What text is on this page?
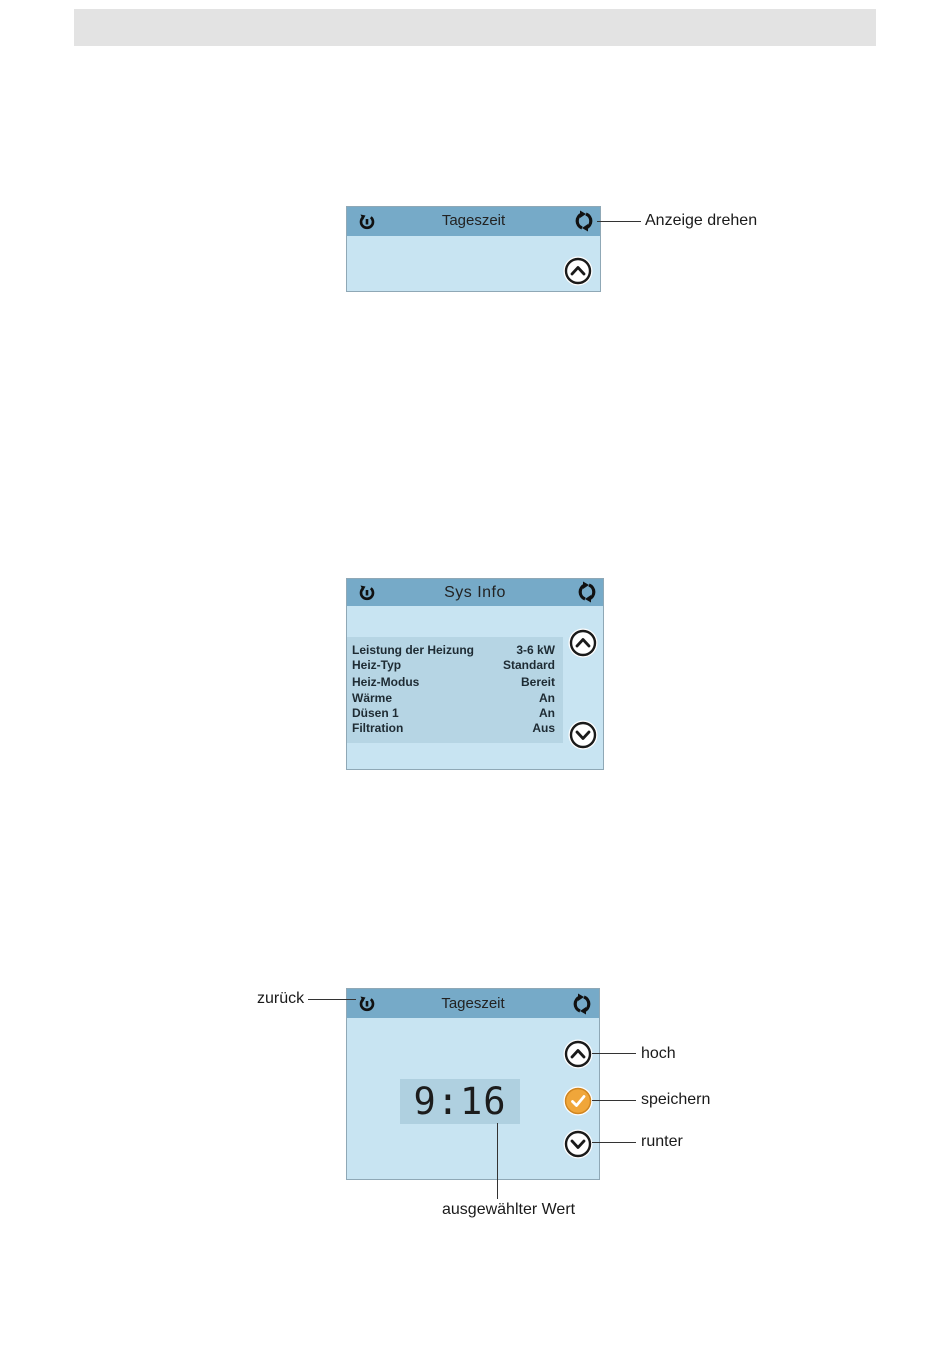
Tageszeit	Anzeige drehen
Sys Info
Leistung der Heizung	3-6 kW
Heiz-Typ	Standard
Heiz-Modus	Bereit
Wärme	An
Düsen 1	An
Filtration	Aus
Tageszeit
9:16
zurück
hoch
speichern
runter
ausgewählter Wert
